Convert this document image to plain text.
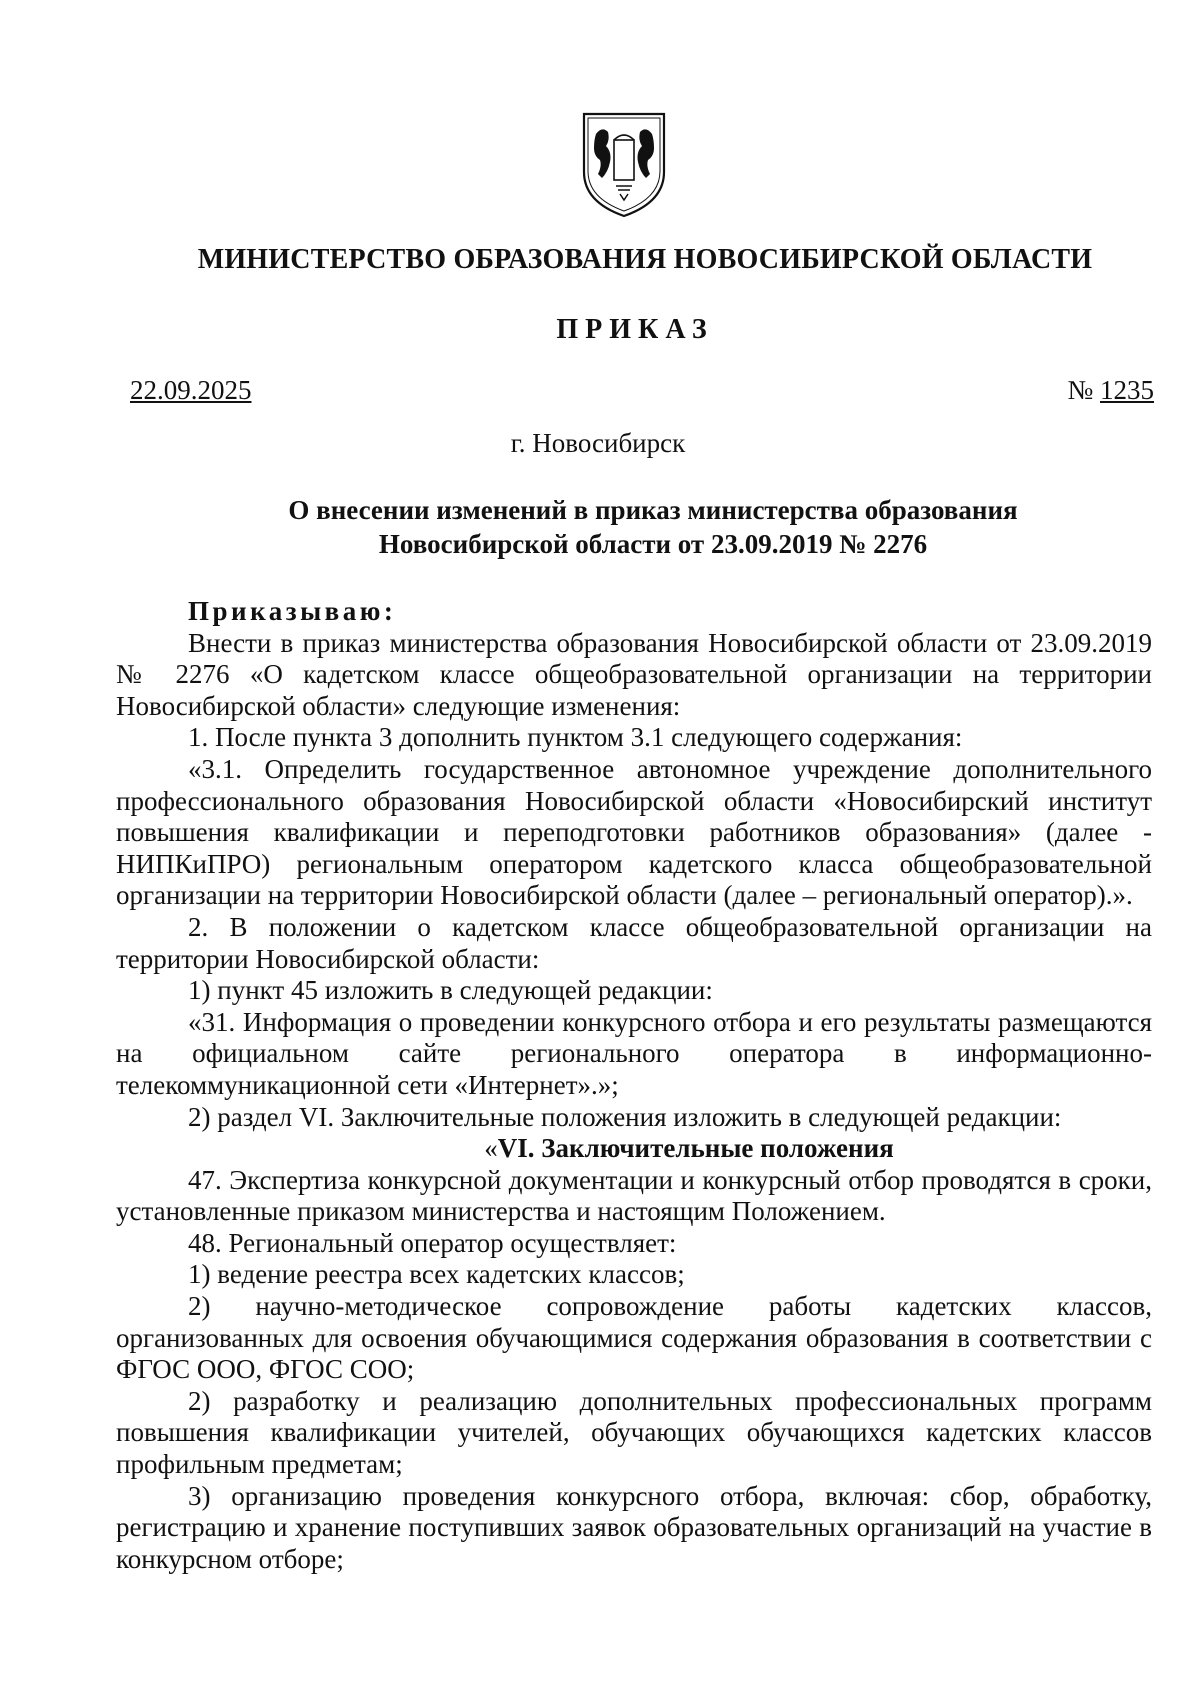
МИНИСТЕРСТВО ОБРАЗОВАНИЯ НОВОСИБИРСКОЙ ОБЛАСТИ
ПРИКАЗ
22.09.2025	№ 1235
г. Новосибирск
О внесении изменений в приказ министерства образования
Новосибирской области от 23.09.2019 № 2276

Приказываю:

Внести в приказ министерства образования Новосибирской области от 23.09.2019 № 2276 «О кадетском классе общеобразовательной организации на территории Новосибирской области» следующие изменения:

1. После пункта 3 дополнить пунктом 3.1 следующего содержания:

«3.1. Определить государственное автономное учреждение дополнительного профессионального образования Новосибирской области «Новосибирский институт повышения квалификации и переподготовки работников образования» (далее - НИПКиПРО) региональным оператором кадетского класса общеобразовательной организации на территории Новосибирской области (далее – региональный оператор).».

2. В положении о кадетском классе общеобразовательной организации на территории Новосибирской области:

1) пункт 45 изложить в следующей редакции:

«31. Информация о проведении конкурсного отбора и его результаты размещаются на официальном сайте регионального оператора в информационно-телекоммуникационной сети «Интернет».»;

2) раздел VI. Заключительные положения изложить в следующей редакции:

«VI. Заключительные положения

47. Экспертиза конкурсной документации и конкурсный отбор проводятся в сроки, установленные приказом министерства и настоящим Положением.

48. Региональный оператор осуществляет:

1) ведение реестра всех кадетских классов;

2) научно-методическое сопровождение работы кадетских классов, организованных для освоения обучающимися содержания образования в соответствии с ФГОС ООО, ФГОС СОО;

2) разработку и реализацию дополнительных профессиональных программ повышения квалификации учителей, обучающих обучающихся кадетских классов профильным предметам;

3) организацию проведения конкурсного отбора, включая: сбор, обработку, регистрацию и хранение поступивших заявок образовательных организаций на участие в конкурсном отборе;
